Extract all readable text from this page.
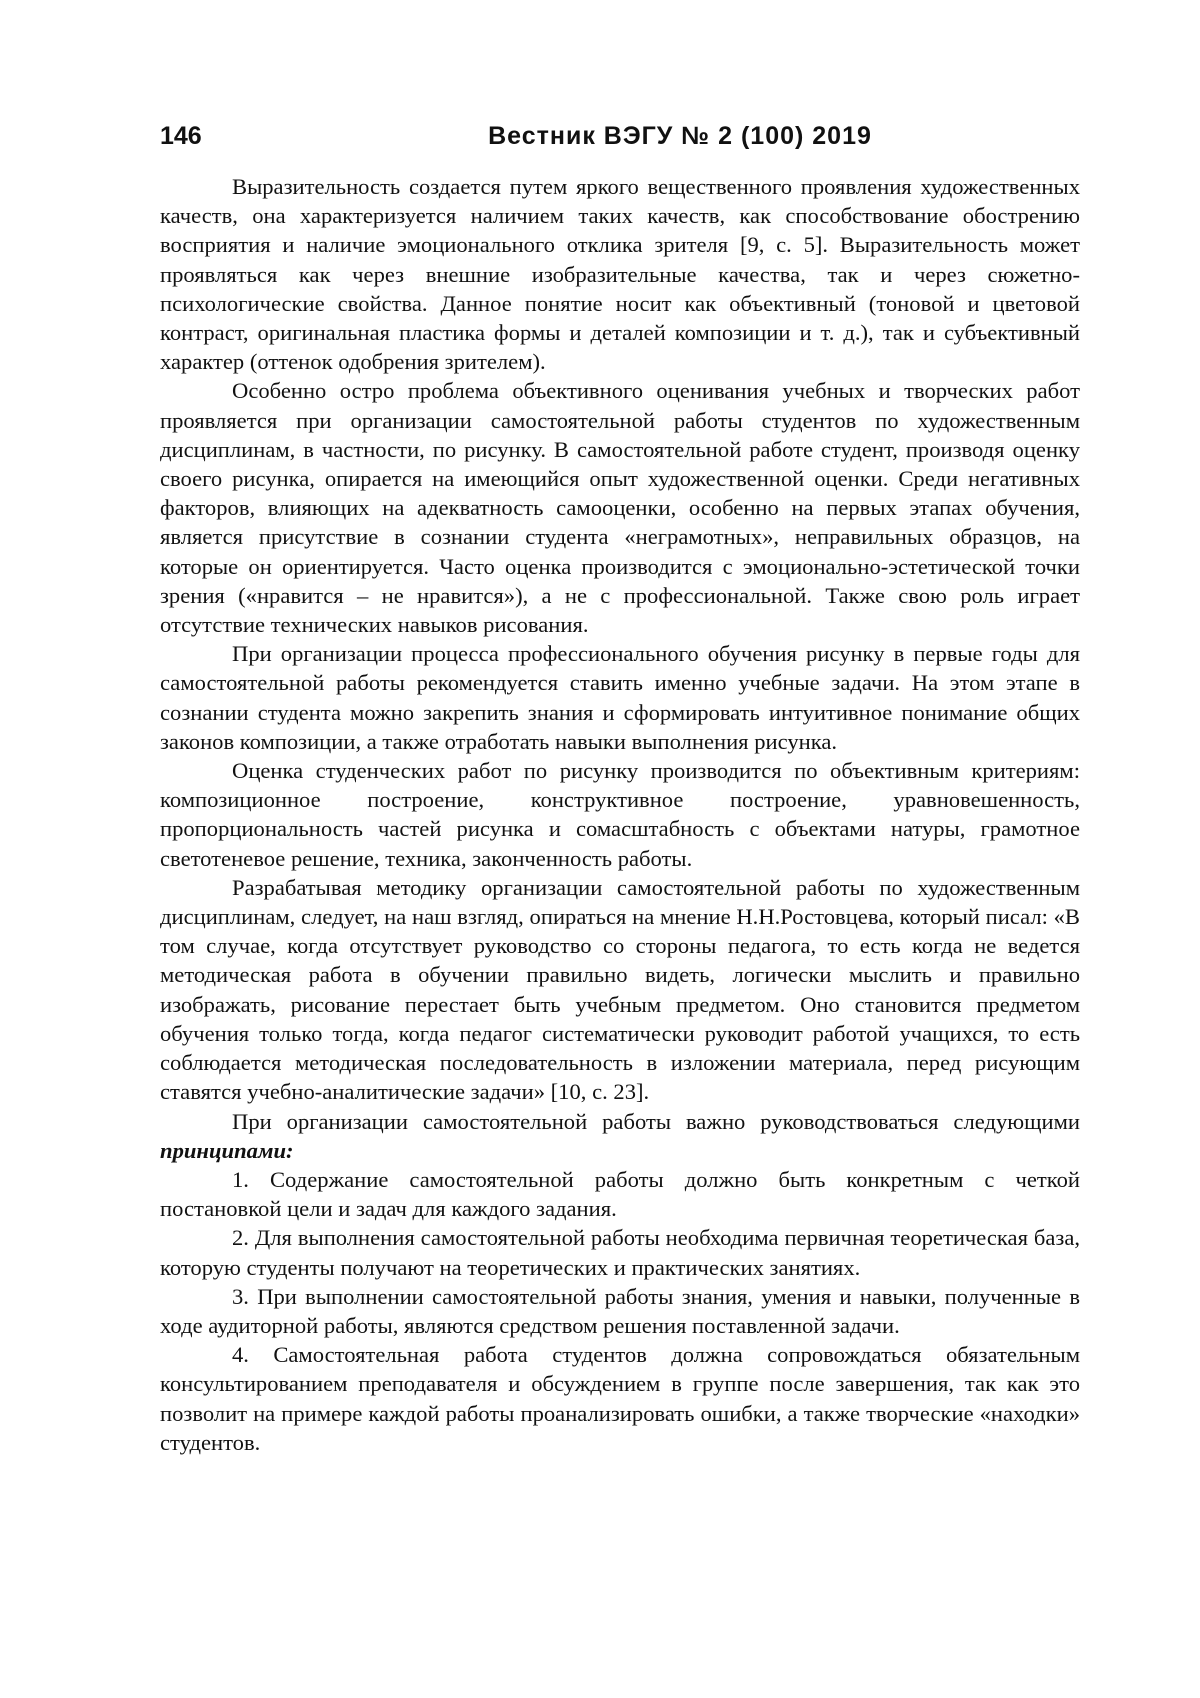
146	Вестник ВЭГУ № 2 (100) 2019

Выразительность создается путем яркого вещественного проявления художественных качеств, она характеризуется наличием таких качеств, как способствование обострению восприятия и наличие эмоционального отклика зрителя [9, с. 5]. Выразительность может проявляться как через внешние изобразительные качества, так и через сюжетно-психологические свойства. Данное понятие носит как объективный (тоновой и цветовой контраст, оригинальная пластика формы и деталей композиции и т. д.), так и субъективный характер (оттенок одобрения зрителем).

Особенно остро проблема объективного оценивания учебных и творческих работ проявляется при организации самостоятельной работы студентов по художественным дисциплинам, в частности, по рисунку. В самостоятельной работе студент, производя оценку своего рисунка, опирается на имеющийся опыт художественной оценки. Среди негативных факторов, влияющих на адекватность самооценки, особенно на первых этапах обучения, является присутствие в сознании студента «неграмотных», неправильных образцов, на которые он ориентируется. Часто оценка производится с эмоционально-эстетической точки зрения («нравится – не нравится»), а не с профессиональной. Также свою роль играет отсутствие технических навыков рисования.

При организации процесса профессионального обучения рисунку в первые годы для самостоятельной работы рекомендуется ставить именно учебные задачи. На этом этапе в сознании студента можно закрепить знания и сформировать интуитивное понимание общих законов композиции, а также отработать навыки выполнения рисунка.

Оценка студенческих работ по рисунку производится по объективным критериям: композиционное построение, конструктивное построение, уравновешенность, пропорциональность частей рисунка и сомасштабность с объектами натуры, грамотное светотеневое решение, техника, законченность работы.

Разрабатывая методику организации самостоятельной работы по художественным дисциплинам, следует, на наш взгляд, опираться на мнение Н.Н.Ростовцева, который писал: «В том случае, когда отсутствует руководство со стороны педагога, то есть когда не ведется методическая работа в обучении правильно видеть, логически мыслить и правильно изображать, рисование перестает быть учебным предметом. Оно становится предметом обучения только тогда, когда педагог систематически руководит работой учащихся, то есть соблюдается методическая последовательность в изложении материала, перед рисующим ставятся учебно-аналитические задачи» [10, с. 23].

При организации самостоятельной работы важно руководствоваться следующими принципами:

1. Содержание самостоятельной работы должно быть конкретным с четкой постановкой цели и задач для каждого задания.

2. Для выполнения самостоятельной работы необходима первичная теоретическая база, которую студенты получают на теоретических и практических занятиях.

3. При выполнении самостоятельной работы знания, умения и навыки, полученные в ходе аудиторной работы, являются средством решения поставленной задачи.

4. Самостоятельная работа студентов должна сопровождаться обязательным консультированием преподавателя и обсуждением в группе после завершения, так как это позволит на примере каждой работы проанализировать ошибки, а также творческие «находки» студентов.
